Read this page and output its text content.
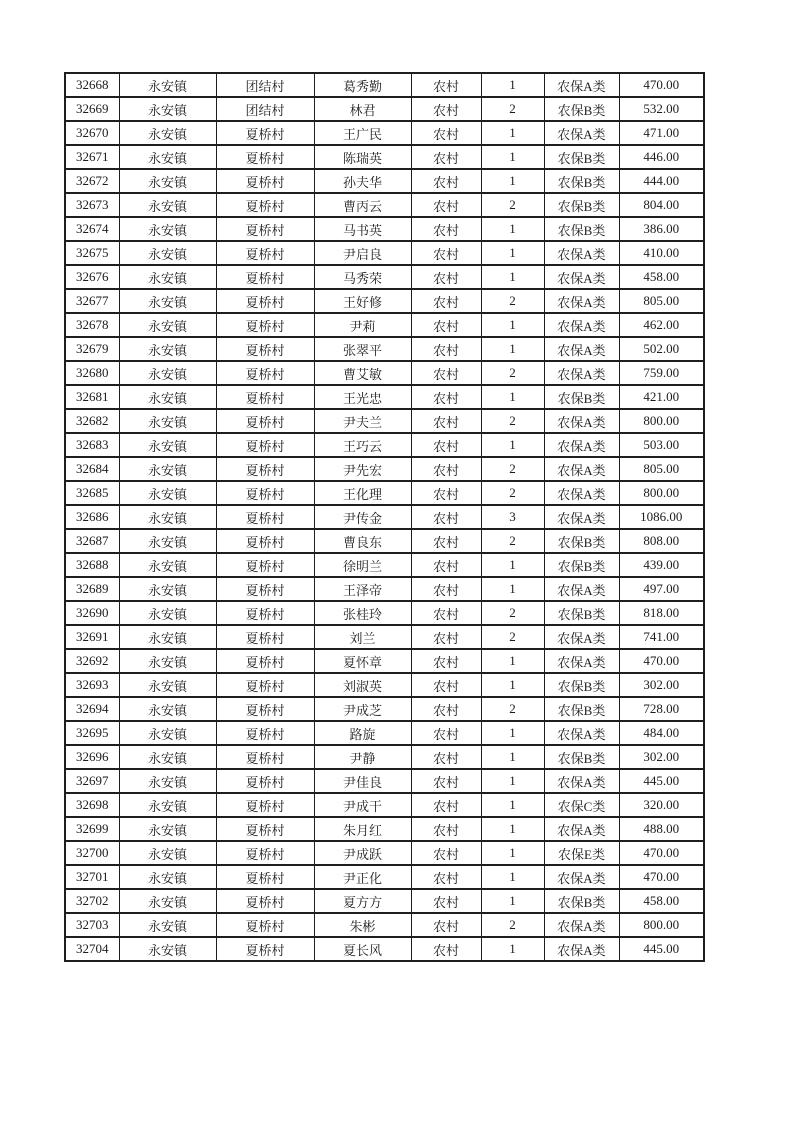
32668	永安镇	团结村	葛秀勤	农村	1	农保A类	470.00
32669	永安镇	团结村	林君	农村	2	农保B类	532.00
32670	永安镇	夏桥村	王广民	农村	1	农保A类	471.00
32671	永安镇	夏桥村	陈瑞英	农村	1	农保B类	446.00
32672	永安镇	夏桥村	孙夫华	农村	1	农保B类	444.00
32673	永安镇	夏桥村	曹丙云	农村	2	农保B类	804.00
32674	永安镇	夏桥村	马书英	农村	1	农保B类	386.00
32675	永安镇	夏桥村	尹启良	农村	1	农保A类	410.00
32676	永安镇	夏桥村	马秀荣	农村	1	农保A类	458.00
32677	永安镇	夏桥村	王好修	农村	2	农保A类	805.00
32678	永安镇	夏桥村	尹莉	农村	1	农保A类	462.00
32679	永安镇	夏桥村	张翠平	农村	1	农保A类	502.00
32680	永安镇	夏桥村	曹艾敏	农村	2	农保A类	759.00
32681	永安镇	夏桥村	王光忠	农村	1	农保B类	421.00
32682	永安镇	夏桥村	尹夫兰	农村	2	农保A类	800.00
32683	永安镇	夏桥村	王巧云	农村	1	农保A类	503.00
32684	永安镇	夏桥村	尹先宏	农村	2	农保A类	805.00
32685	永安镇	夏桥村	王化理	农村	2	农保A类	800.00
32686	永安镇	夏桥村	尹传金	农村	3	农保A类	1086.00
32687	永安镇	夏桥村	曹良东	农村	2	农保B类	808.00
32688	永安镇	夏桥村	徐明兰	农村	1	农保B类	439.00
32689	永安镇	夏桥村	王泽帝	农村	1	农保A类	497.00
32690	永安镇	夏桥村	张桂玲	农村	2	农保B类	818.00
32691	永安镇	夏桥村	刘兰	农村	2	农保A类	741.00
32692	永安镇	夏桥村	夏怀章	农村	1	农保A类	470.00
32693	永安镇	夏桥村	刘淑英	农村	1	农保B类	302.00
32694	永安镇	夏桥村	尹成芝	农村	2	农保B类	728.00
32695	永安镇	夏桥村	路旋	农村	1	农保A类	484.00
32696	永安镇	夏桥村	尹静	农村	1	农保B类	302.00
32697	永安镇	夏桥村	尹佳良	农村	1	农保A类	445.00
32698	永安镇	夏桥村	尹成干	农村	1	农保C类	320.00
32699	永安镇	夏桥村	朱月红	农村	1	农保A类	488.00
32700	永安镇	夏桥村	尹成跃	农村	1	农保E类	470.00
32701	永安镇	夏桥村	尹正化	农村	1	农保A类	470.00
32702	永安镇	夏桥村	夏方方	农村	1	农保B类	458.00
32703	永安镇	夏桥村	朱彬	农村	2	农保A类	800.00
32704	永安镇	夏桥村	夏长风	农村	1	农保A类	445.00
